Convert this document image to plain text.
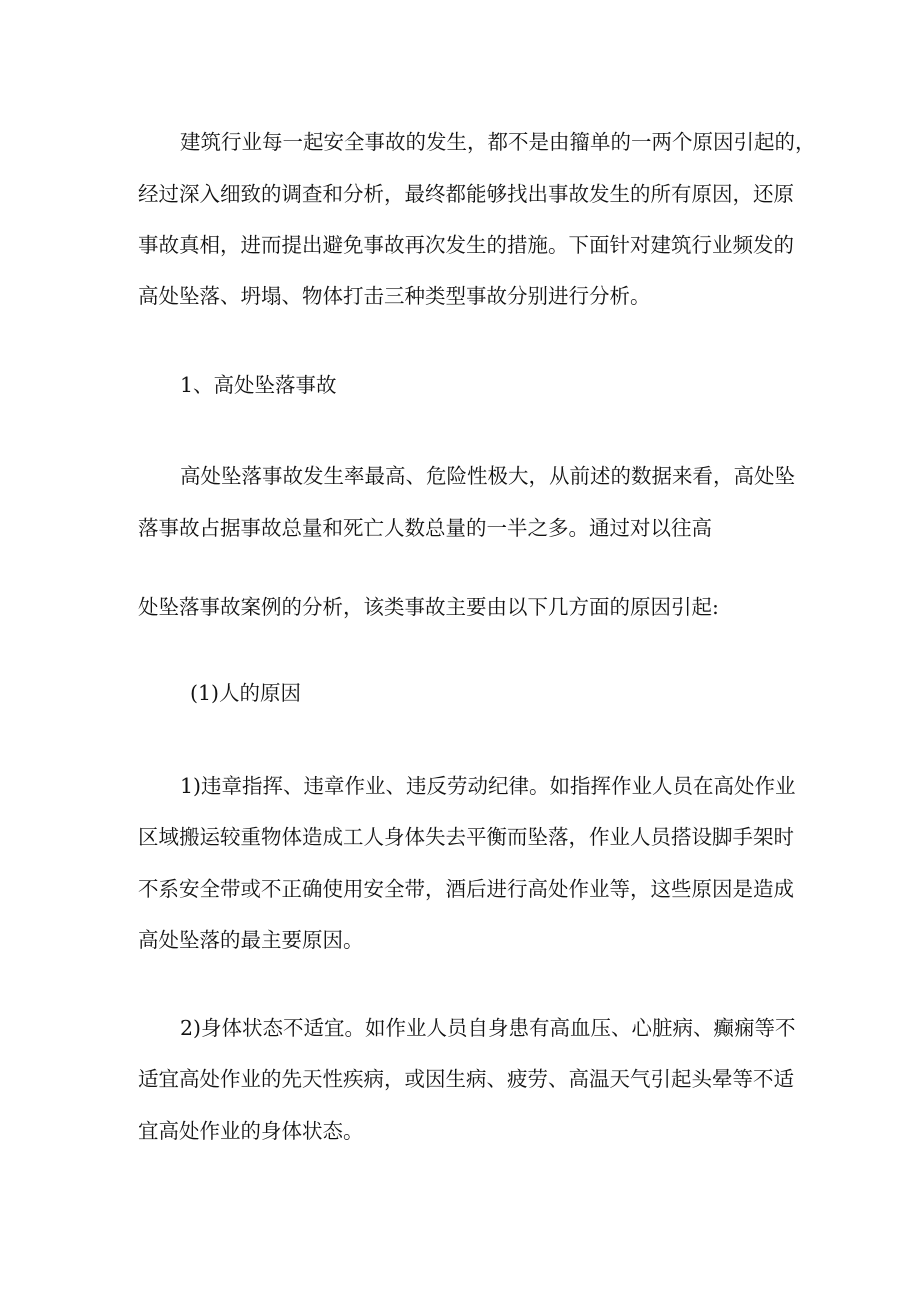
建筑行业每一起安全事故的发生，都不是由籀单的一两个原因引起的，
经过深入细致的调查和分析，最终都能够找出事故发生的所有原因，还原
事故真相，进而提出避免事故再次发生的措施。下面针对建筑行业频发的
高处坠落、坍塌、物体打击三种类型事故分别进行分析。
1、高处坠落事故
高处坠落事故发生率最高、危险性极大，从前述的数据来看，高处坠
落事故占据事故总量和死亡人数总量的一半之多。通过对以往高
处坠落事故案例的分析，该类事故主要由以下几方面的原因引起:
(1)人的原因
1)违章指挥、违章作业、违反劳动纪律。如指挥作业人员在高处作业
区域搬运较重物体造成工人身体失去平衡而坠落，作业人员搭设脚手架时
不系安全带或不正确使用安全带，酒后进行高处作业等，这些原因是造成
高处坠落的最主要原因。
2)身体状态不适宜。如作业人员自身患有高血压、心脏病、癫痫等不
适宜高处作业的先天性疾病，或因生病、疲劳、高温天气引起头晕等不适
宜高处作业的身体状态。
